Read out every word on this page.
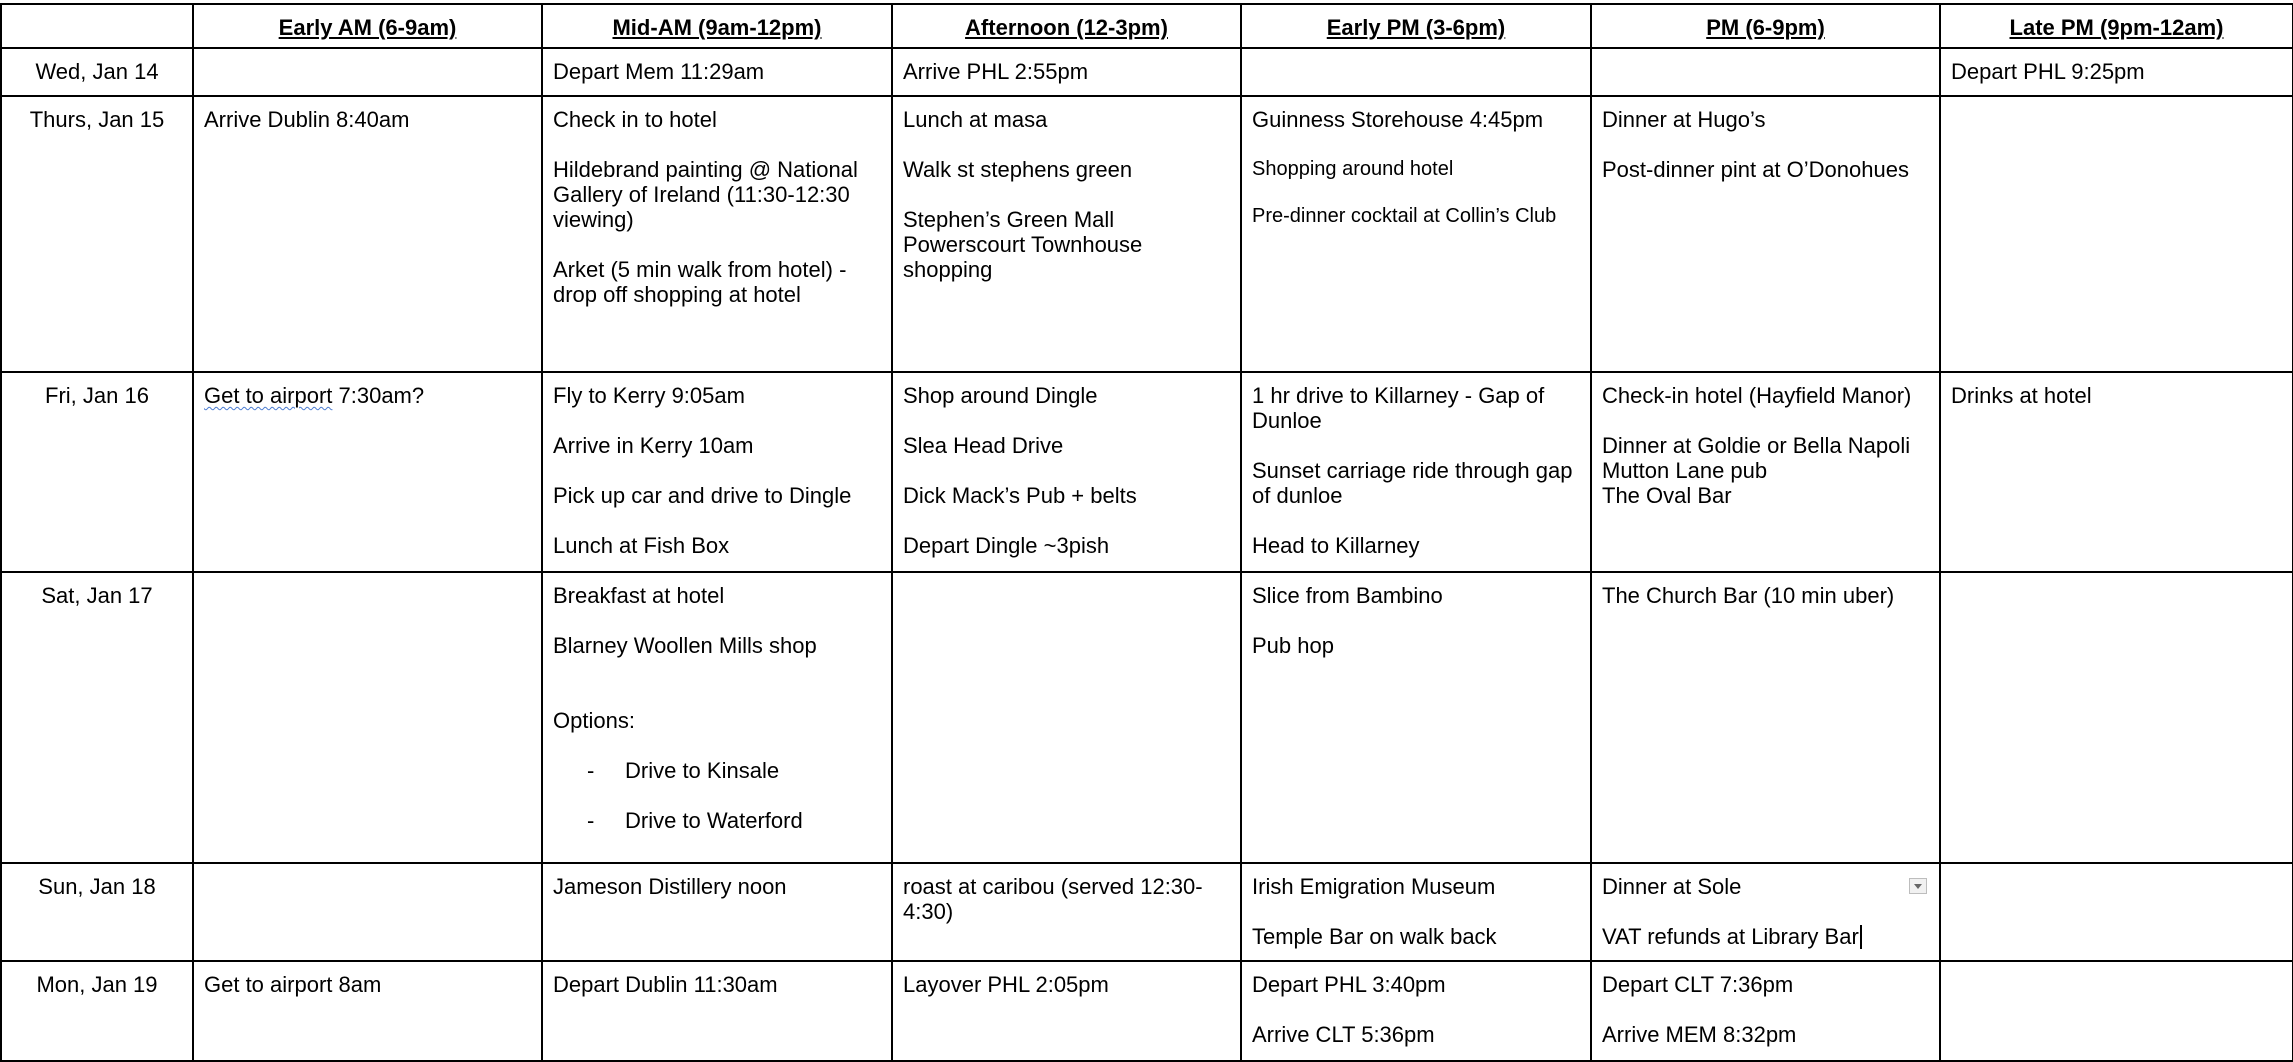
	Early AM (6-9am)	Mid-AM (9am-12pm)	Afternoon (12-3pm)	Early PM (3-6pm)	PM (6-9pm)	Late PM (9pm-12am)
Wed, Jan 14		Depart Mem 11:29am	Arrive PHL 2:55pm			Depart PHL 9:25pm

Thurs, Jan 15	Arrive Dublin 8:40am	Check in to hotel
Hildebrand painting @ National Gallery of Ireland (11:30-12:30 viewing)
Arket (5 min walk from hotel) - drop off shopping at hotel	Lunch at masa
Walk st stephens green
Stephen’s Green Mall
Powerscourt Townhouse shopping	Guinness Storehouse 4:45pm
Shopping around hotel
Pre-dinner cocktail at Collin’s Club	Dinner at Hugo’s
Post-dinner pint at O’Donohues	

Fri, Jan 16	Get to airport 7:30am?	Fly to Kerry 9:05am
Arrive in Kerry 10am
Pick up car and drive to Dingle
Lunch at Fish Box	Shop around Dingle
Slea Head Drive
Dick Mack’s Pub + belts
Depart Dingle ~3pish	1 hr drive to Killarney - Gap of Dunloe
Sunset carriage ride through gap of dunloe
Head to Killarney	Check-in hotel (Hayfield Manor)
Dinner at Goldie or Bella Napoli
Mutton Lane pub
The Oval Bar	Drinks at hotel

Sat, Jan 17		Breakfast at hotel
Blarney Woollen Mills shop

Options:

- Drive to Kinsale

- Drive to Waterford		Slice from Bambino
Pub hop	The Church Bar (10 min uber)	

Sun, Jan 18		Jameson Distillery noon	roast at caribou (served 12:30-4:30)	Irish Emigration Museum
Temple Bar on walk back	Dinner at Sole
VAT refunds at Library Bar	

Mon, Jan 19	Get to airport 8am	Depart Dublin 11:30am	Layover PHL 2:05pm	Depart PHL 3:40pm
Arrive CLT 5:36pm	Depart CLT 7:36pm
Arrive MEM 8:32pm	
